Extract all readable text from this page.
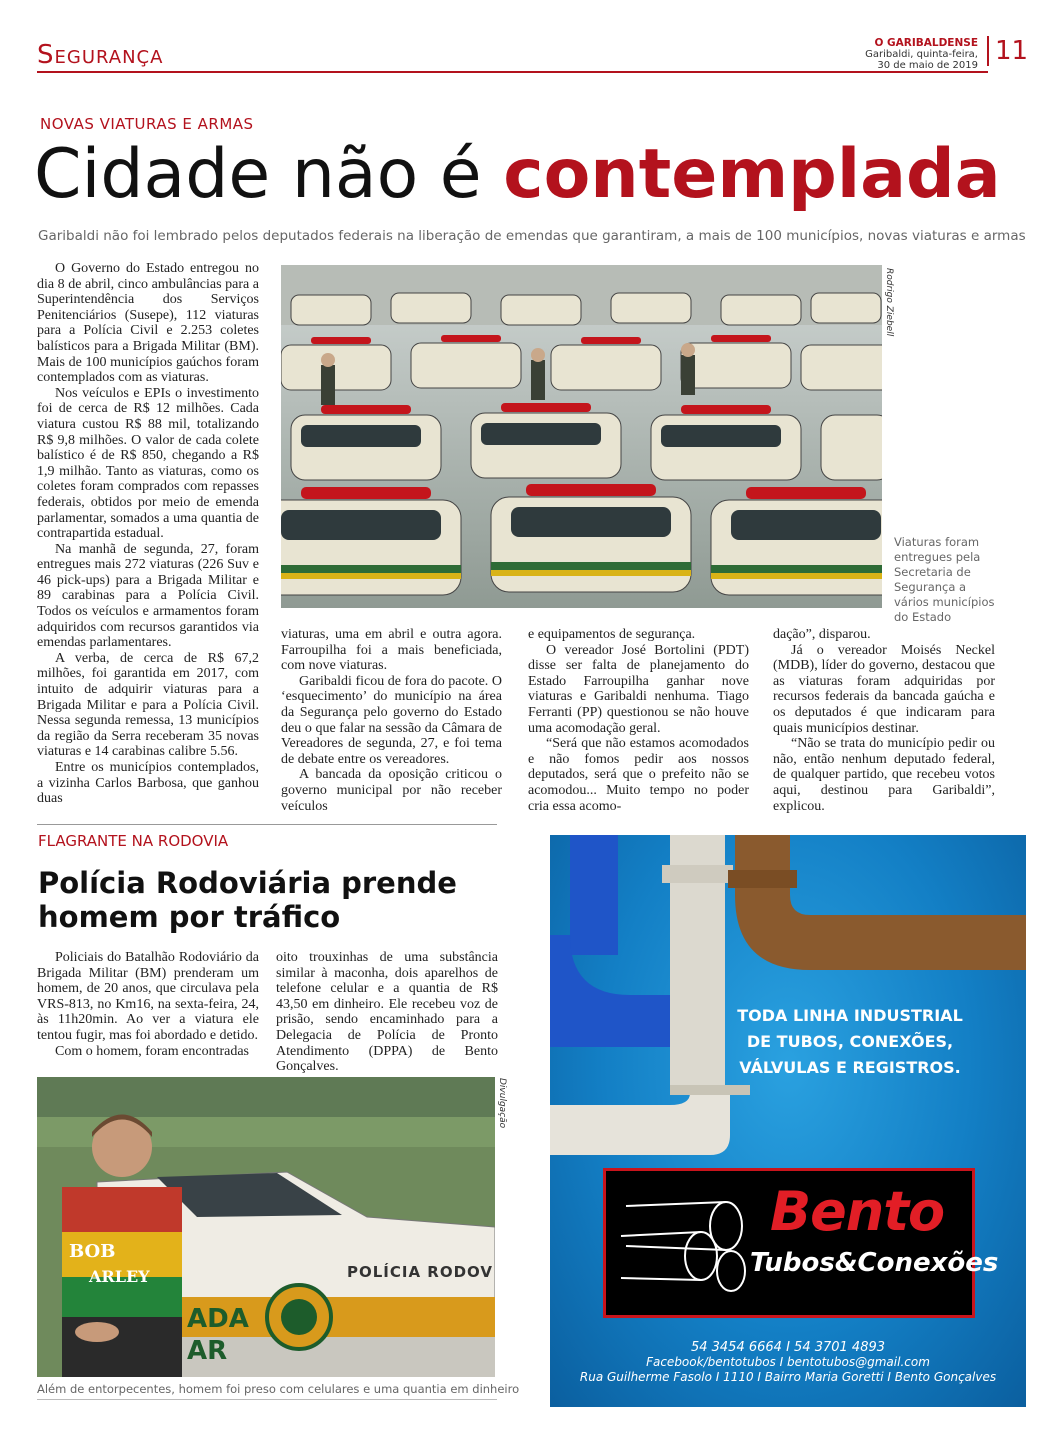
Segurança	O GARIBALDENSE
Garibaldi, quinta-feira,
30 de maio de 2019 11
NOVAS VIATURAS E ARMAS
Cidade não é contemplada
Garibaldi não foi lembrado pelos deputados federais na liberação de emendas que garantiram, a mais de 100 municípios, novas viaturas e armas

O Governo do Estado entregou no dia 8 de abril, cinco ambulâncias para a Superintendência dos Serviços Penitenciários (Susepe), 112 viaturas para a Polícia Civil e 2.253 coletes balísticos para a Brigada Militar (BM). Mais de 100 municípios gaúchos foram contemplados com as viaturas.

Nos veículos e EPIs o investimento foi de cerca de R$ 12 milhões. Cada viatura custou R$ 88 mil, totalizando R$ 9,8 milhões. O valor de cada colete balístico é de R$ 850, chegando a R$ 1,9 milhão. Tanto as viaturas, como os coletes foram comprados com repasses federais, obtidos por meio de emenda parlamentar, somados a uma quantia de contrapartida estadual.

Na manhã de segunda, 27, foram entregues mais 272 viaturas (226 Suv e 46 pick-ups) para a Brigada Militar e 89 carabinas para a Polícia Civil. Todos os veículos e armamentos foram adquiridos com recursos garantidos via emendas parlamentares.

A verba, de cerca de R$ 67,2 milhões, foi garantida em 2017, com intuito de adquirir viaturas para a Brigada Militar e para a Polícia Civil. Nessa segunda remessa, 13 municípios da região da Serra receberam 35 novas viaturas e 14 carabinas calibre 5.56.

Entre os municípios contemplados, a vizinha Carlos Barbosa, que ganhou duas

Rodrigo Ziebell
Viaturas foram entregues pela Secretaria de Segurança a vários municípios do Estado

viaturas, uma em abril e outra agora. Farroupilha foi a mais beneficiada, com nove viaturas.

Garibaldi ficou de fora do pacote. O ‘esquecimento’ do município na área da Segurança pelo governo do Estado deu o que falar na sessão da Câmara de Vereadores de segunda, 27, e foi tema de debate entre os vereadores.

A bancada da oposição criticou o governo municipal por não receber veículos

e equipamentos de segurança.

O vereador José Bortolini (PDT) disse ser falta de planejamento do Estado Farroupilha ganhar nove viaturas e Garibaldi nenhuma. Tiago Ferranti (PP) questionou se não houve uma acomodação geral.

“Será que não estamos acomodados e não fomos pedir aos nossos deputados, será que o prefeito não se acomodou... Muito tempo no poder cria essa acomo-

dação”, disparou.

Já o vereador Moisés Neckel (MDB), líder do governo, destacou que as viaturas foram adquiridas por recursos federais da bancada gaúcha e os deputados é que indicaram para quais municípios destinar.

“Não se trata do município pedir ou não, então nenhum deputado federal, de qualquer partido, que recebeu votos aqui, destinou para Garibaldi”, explicou.

FLAGRANTE NA RODOVIA
Polícia Rodoviária prende homem por tráfico

Policiais do Batalhão Rodoviário da Brigada Militar (BM) prenderam um homem, de 20 anos, que circulava pela VRS-813, no Km16, na sexta-feira, 24, às 11h20min. Ao ver a viatura ele tentou fugir, mas foi abordado e detido.

Com o homem, foram encontradas

oito trouxinhas de uma substância similar à maconha, dois aparelhos de telefone celular e a quantia de R$ 43,50 em dinheiro. Ele recebeu voz de prisão, sendo encaminhado para a Delegacia de Polícia de Pronto Atendimento (DPPA) de Bento Gonçalves.

POLÍCIA RODOV
ADA
AR
BOB
ARLEY
Divulgação
Além de entorpecentes, homem foi preso com celulares e uma quantia em dinheiro
TODA LINHA INDUSTRIAL
DE TUBOS, CONEXÕES,
VÁLVULAS E REGISTROS.
Bento
Tubos&Conexões
54 3454 6664 I 54 3701 4893
Facebook/bentotubos I bentotubos@gmail.com
Rua Guilherme Fasolo I 1110 I Bairro Maria Goretti I Bento Gonçalves
